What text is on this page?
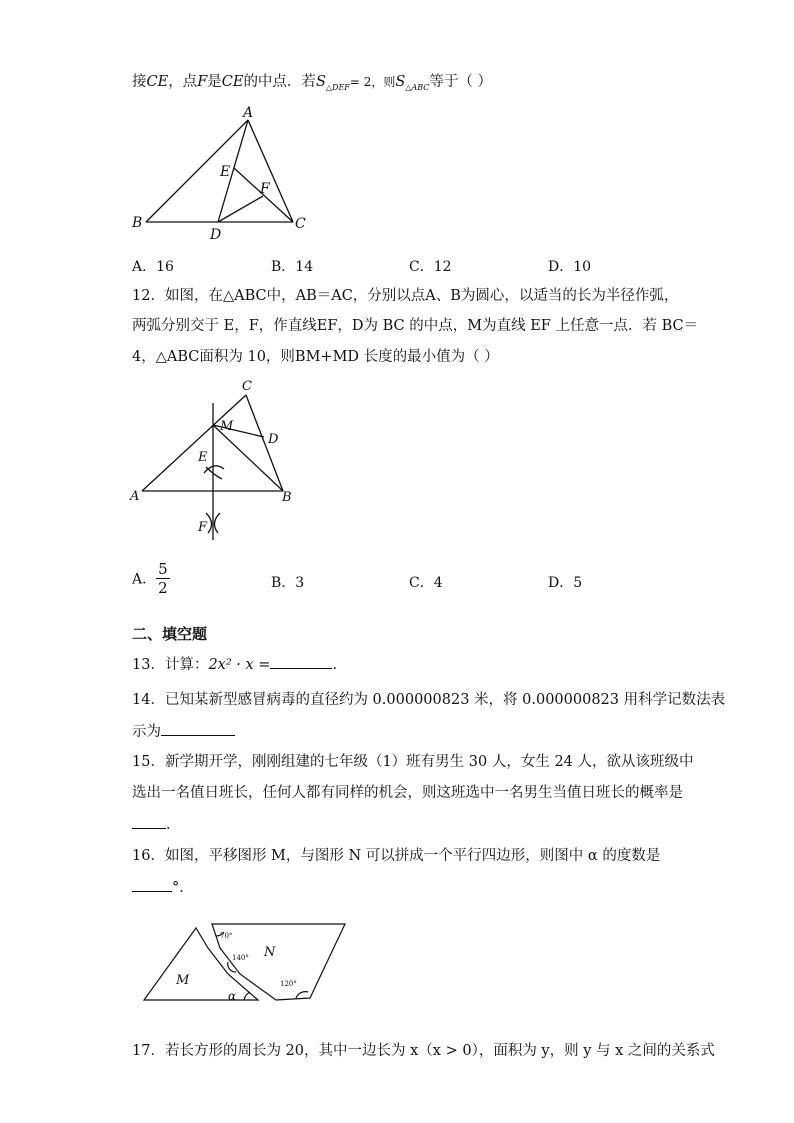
接CE，点F是CE的中点．若$S_{\triangle DEF}= 2$，则$S_{\triangle ABC}$等于（ ）
A
B	C
D
E
F
A．16	B．14	C．12	D．10
12．如图，在△ABC中，AB＝AC，分别以点A、B为圆心，以适当的长为半径作弧，
两弧分别交于 E，F，作直线EF，D为 BC 的中点，M为直线 EF 上任意一点．若 BC＝
4，△ABC面积为 10，则BM+MD 长度的最小值为（ ）
C
M
D
E
A	B
F
A． $\frac{5}{2}$	B．3	C．4	D．5
二、填空题
13．计算：2x² · x =	．
14．已知某新型感冒病毒的直径约为 0.000000823 米，将 0.000000823 用科学记数法表
示为
15．新学期开学，刚刚组建的七年级（1）班有男生 30 人，女生 24 人，欲从该班级中
选出一名值日班长，任何人都有同样的机会，则这班选中一名男生当值日班长的概率是
．
16．如图，平移图形 M，与图形 N 可以拼成一个平行四边形，则图中 α 的度数是
°．
M
N
α
70°
140°
120°
17．若长方形的周长为 20，其中一边长为 x（x > 0），面积为 y，则 y 与 x 之间的关系式
